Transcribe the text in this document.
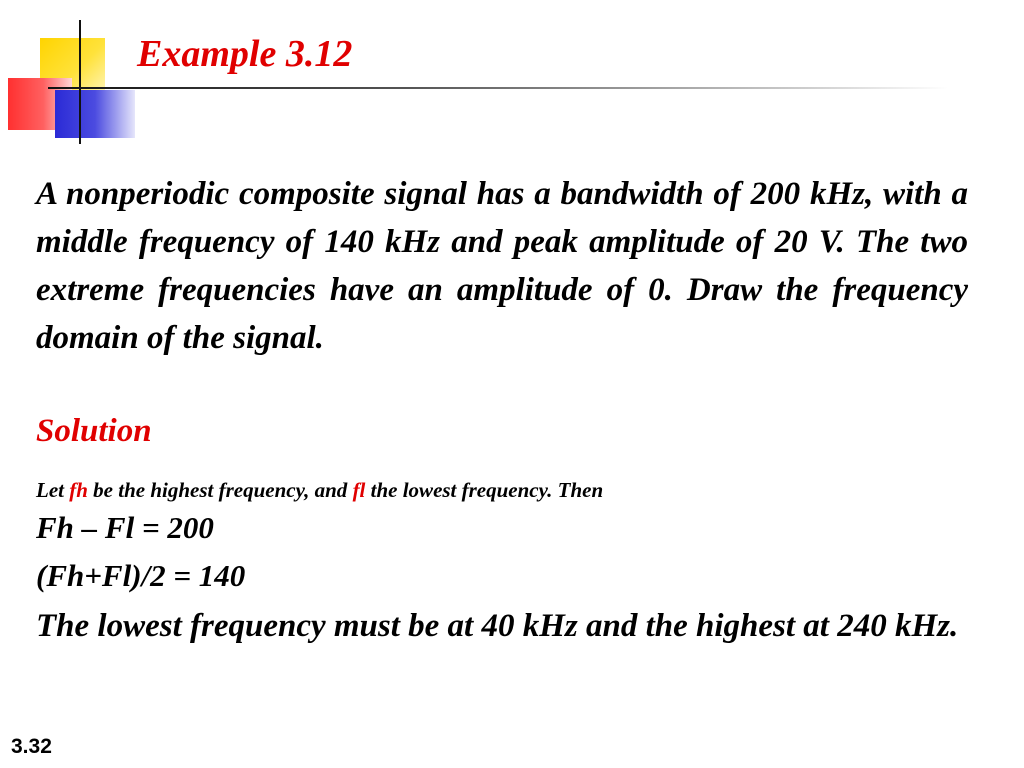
Example 3.12

A nonperiodic composite signal has a bandwidth of 200 kHz, with a middle frequency of 140 kHz and peak amplitude of 20 V. The two extreme frequencies have an amplitude of 0. Draw the frequency domain of the signal.

Solution

Let fh be the highest frequency, and fl the lowest frequency. Then

Fh – Fl = 200

(Fh+Fl)/2 = 140

The lowest frequency must be at 40 kHz and the highest at 240 kHz.

3.32
